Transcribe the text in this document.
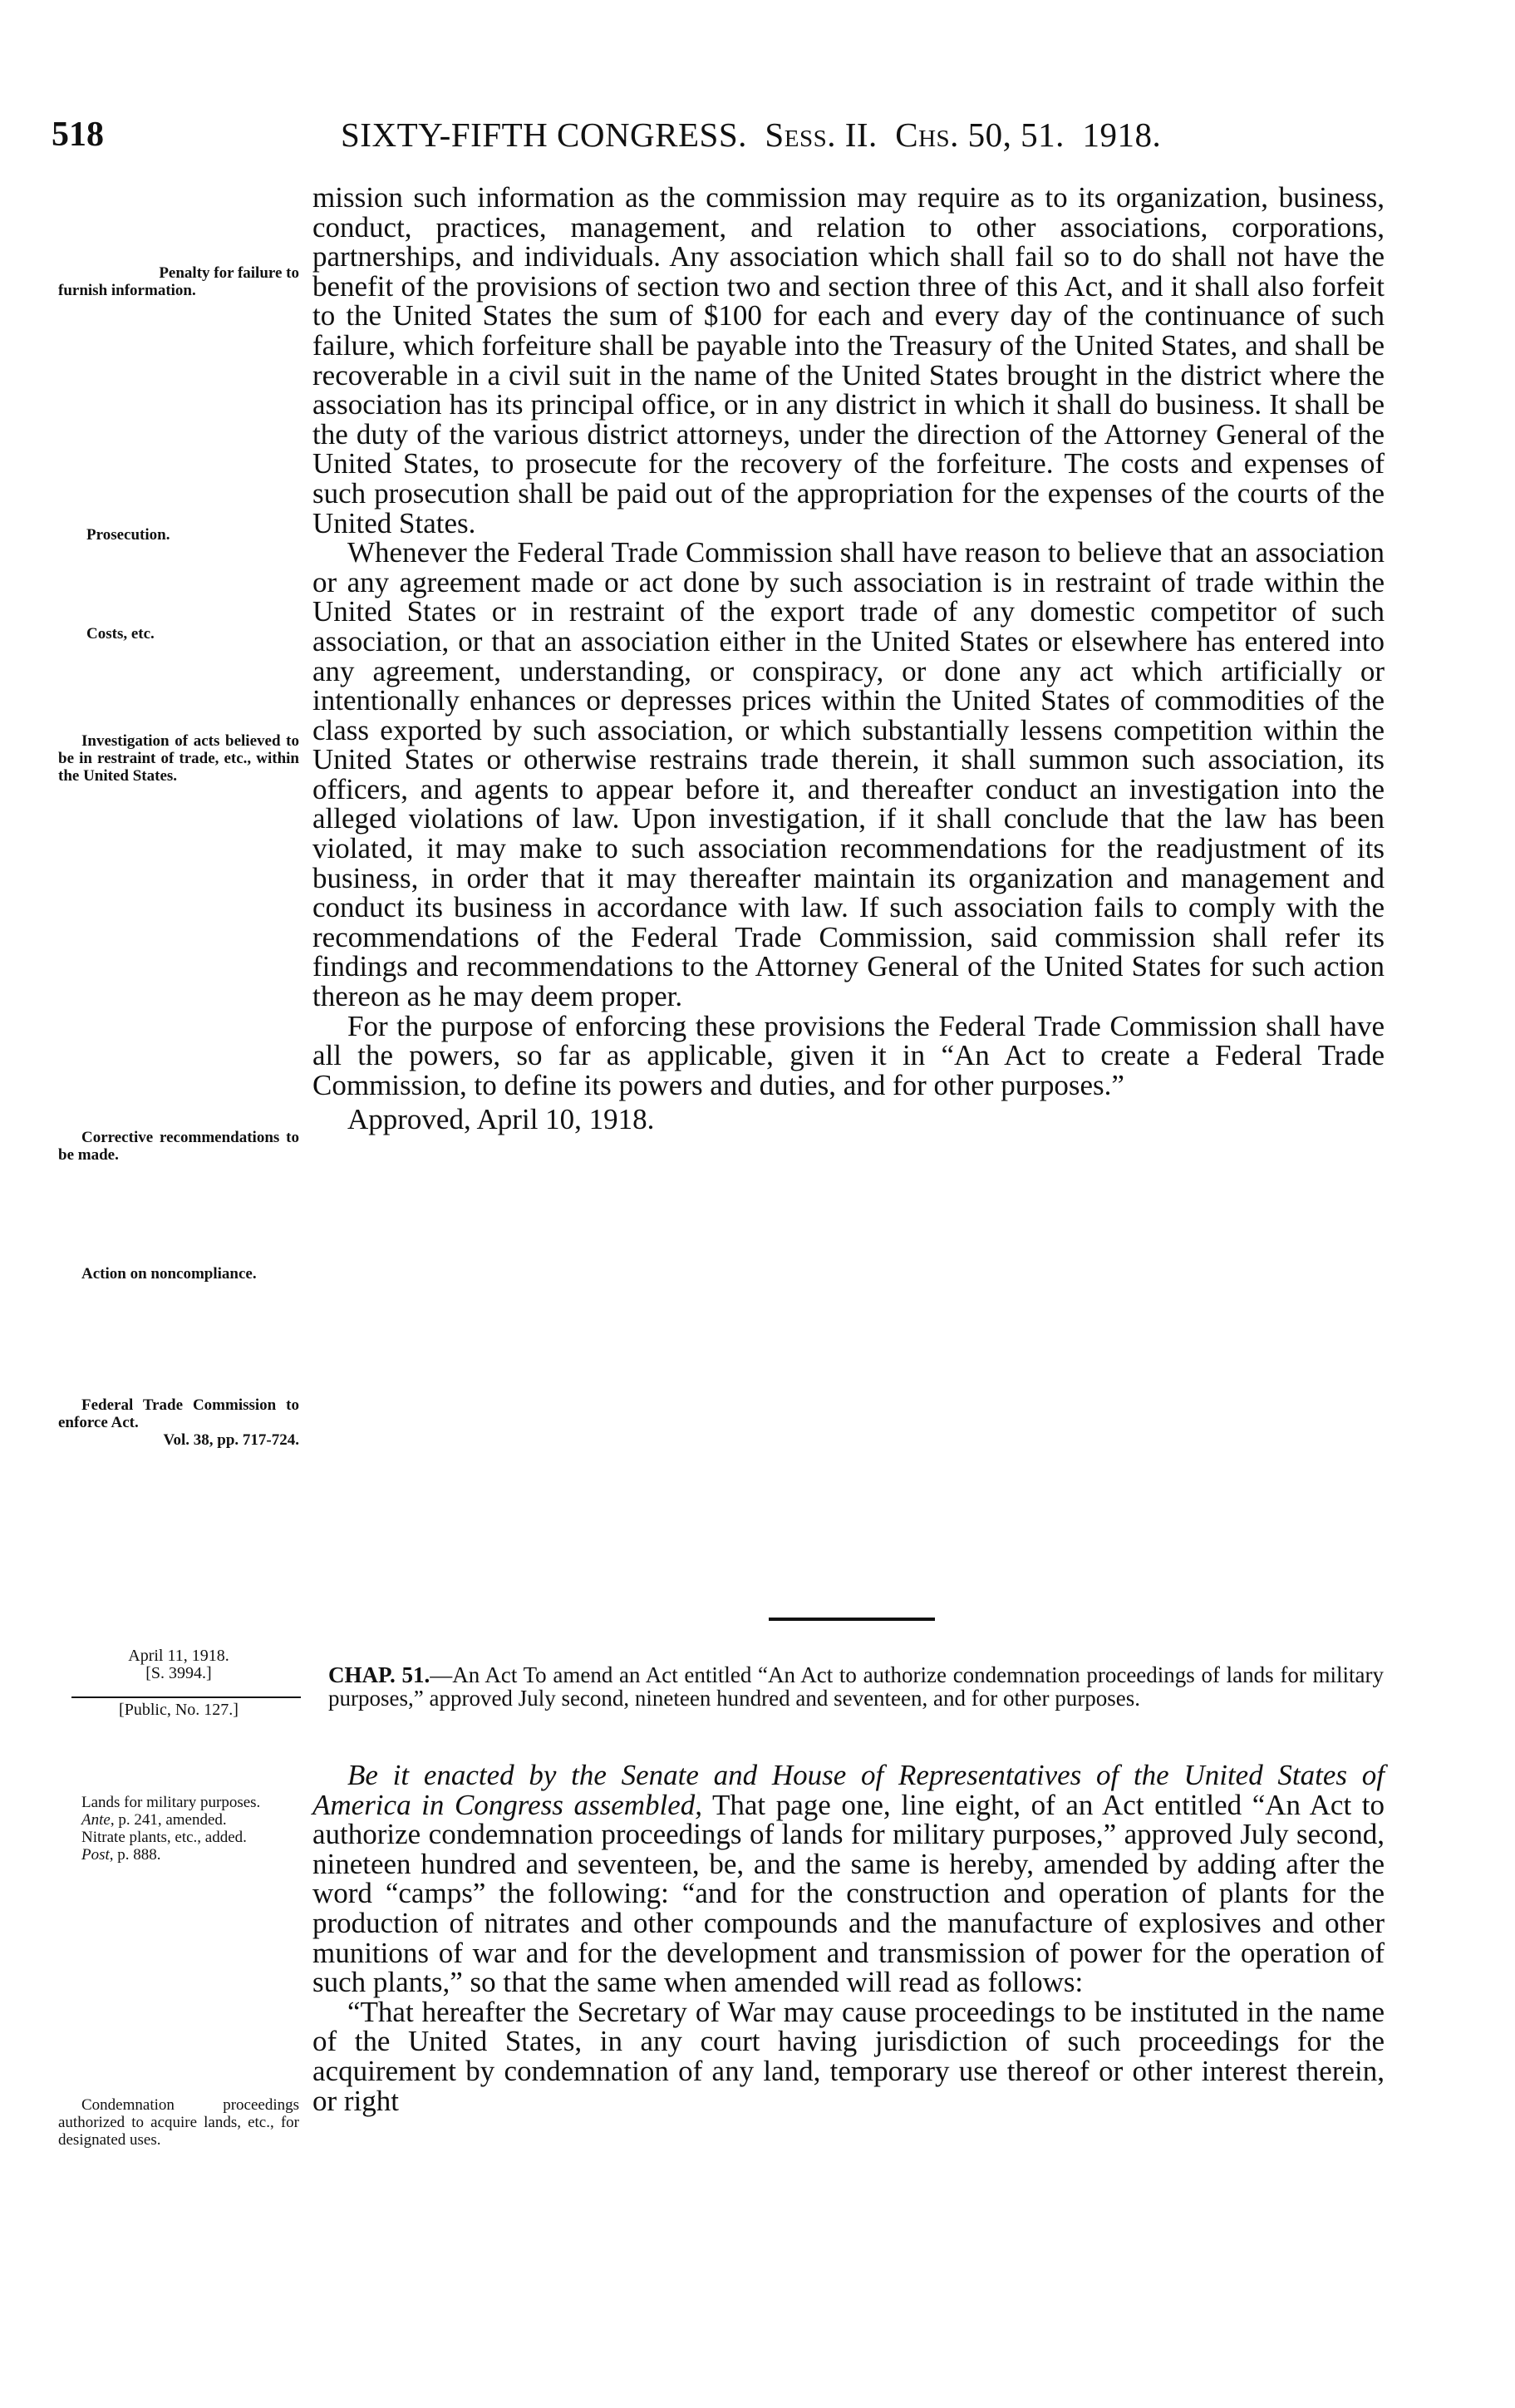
518	SIXTY-FIFTH CONGRESS. Sess. II. Chs. 50, 51. 1918.

mission such information as the commission may require as to its organization, business, conduct, practices, management, and relation to other associations, corporations, partnerships, and individuals. Any association which shall fail so to do shall not have the benefit of the provisions of section two and section three of this Act, and it shall also forfeit to the United States the sum of $100 for each and every day of the continuance of such failure, which forfeiture shall be payable into the Treasury of the United States, and shall be recoverable in a civil suit in the name of the United States brought in the district where the association has its principal office, or in any district in which it shall do business. It shall be the duty of the various district attorneys, under the direction of the Attorney General of the United States, to prosecute for the recovery of the forfeiture. The costs and expenses of such prosecution shall be paid out of the appropriation for the expenses of the courts of the United States.

Whenever the Federal Trade Commission shall have reason to believe that an association or any agreement made or act done by such association is in restraint of trade within the United States or in restraint of the export trade of any domestic competitor of such association, or that an association either in the United States or elsewhere has entered into any agreement, understanding, or conspiracy, or done any act which artificially or intentionally enhances or depresses prices within the United States of commodities of the class exported by such association, or which substantially lessens competition within the United States or otherwise restrains trade therein, it shall summon such association, its officers, and agents to appear before it, and thereafter conduct an investigation into the alleged violations of law. Upon investigation, if it shall conclude that the law has been violated, it may make to such association recommendations for the readjustment of its business, in order that it may thereafter maintain its organization and management and conduct its business in accordance with law. If such association fails to comply with the recommendations of the Federal Trade Commission, said commission shall refer its findings and recommendations to the Attorney General of the United States for such action thereon as he may deem proper.

For the purpose of enforcing these provisions the Federal Trade Commission shall have all the powers, so far as applicable, given it in “An Act to create a Federal Trade Commission, to define its powers and duties, and for other purposes.”

Approved, April 10, 1918.

Penalty for failure to
furnish information.
Prosecution.
Costs, etc.
Investigation of acts believed to be in restraint of trade, etc., within the United States.
Corrective recommendations to be made.
Action on noncompliance.
Federal Trade Commission to enforce Act.
Vol. 38, pp. 717-724.
April 11, 1918.
[S. 3994.]
[Public, No. 127.]
CHAP. 51.—An Act To amend an Act entitled “An Act to authorize condemnation proceedings of lands for military purposes,” approved July second, nineteen hundred and seventeen, and for other purposes.
Lands for military purposes.
Ante, p. 241, amended.
Nitrate plants, etc., added.
Post, p. 888.
Condemnation proceedings authorized to acquire lands, etc., for designated uses.

Be it enacted by the Senate and House of Representatives of the United States of America in Congress assembled, That page one, line eight, of an Act entitled “An Act to authorize condemnation proceedings of lands for military purposes,” approved July second, nineteen hundred and seventeen, be, and the same is hereby, amended by adding after the word “camps” the following: “and for the construction and operation of plants for the production of nitrates and other compounds and the manufacture of explosives and other munitions of war and for the development and transmission of power for the operation of such plants,” so that the same when amended will read as follows:

“That hereafter the Secretary of War may cause proceedings to be instituted in the name of the United States, in any court having jurisdiction of such proceedings for the acquirement by condemnation of any land, temporary use thereof or other interest therein, or right
